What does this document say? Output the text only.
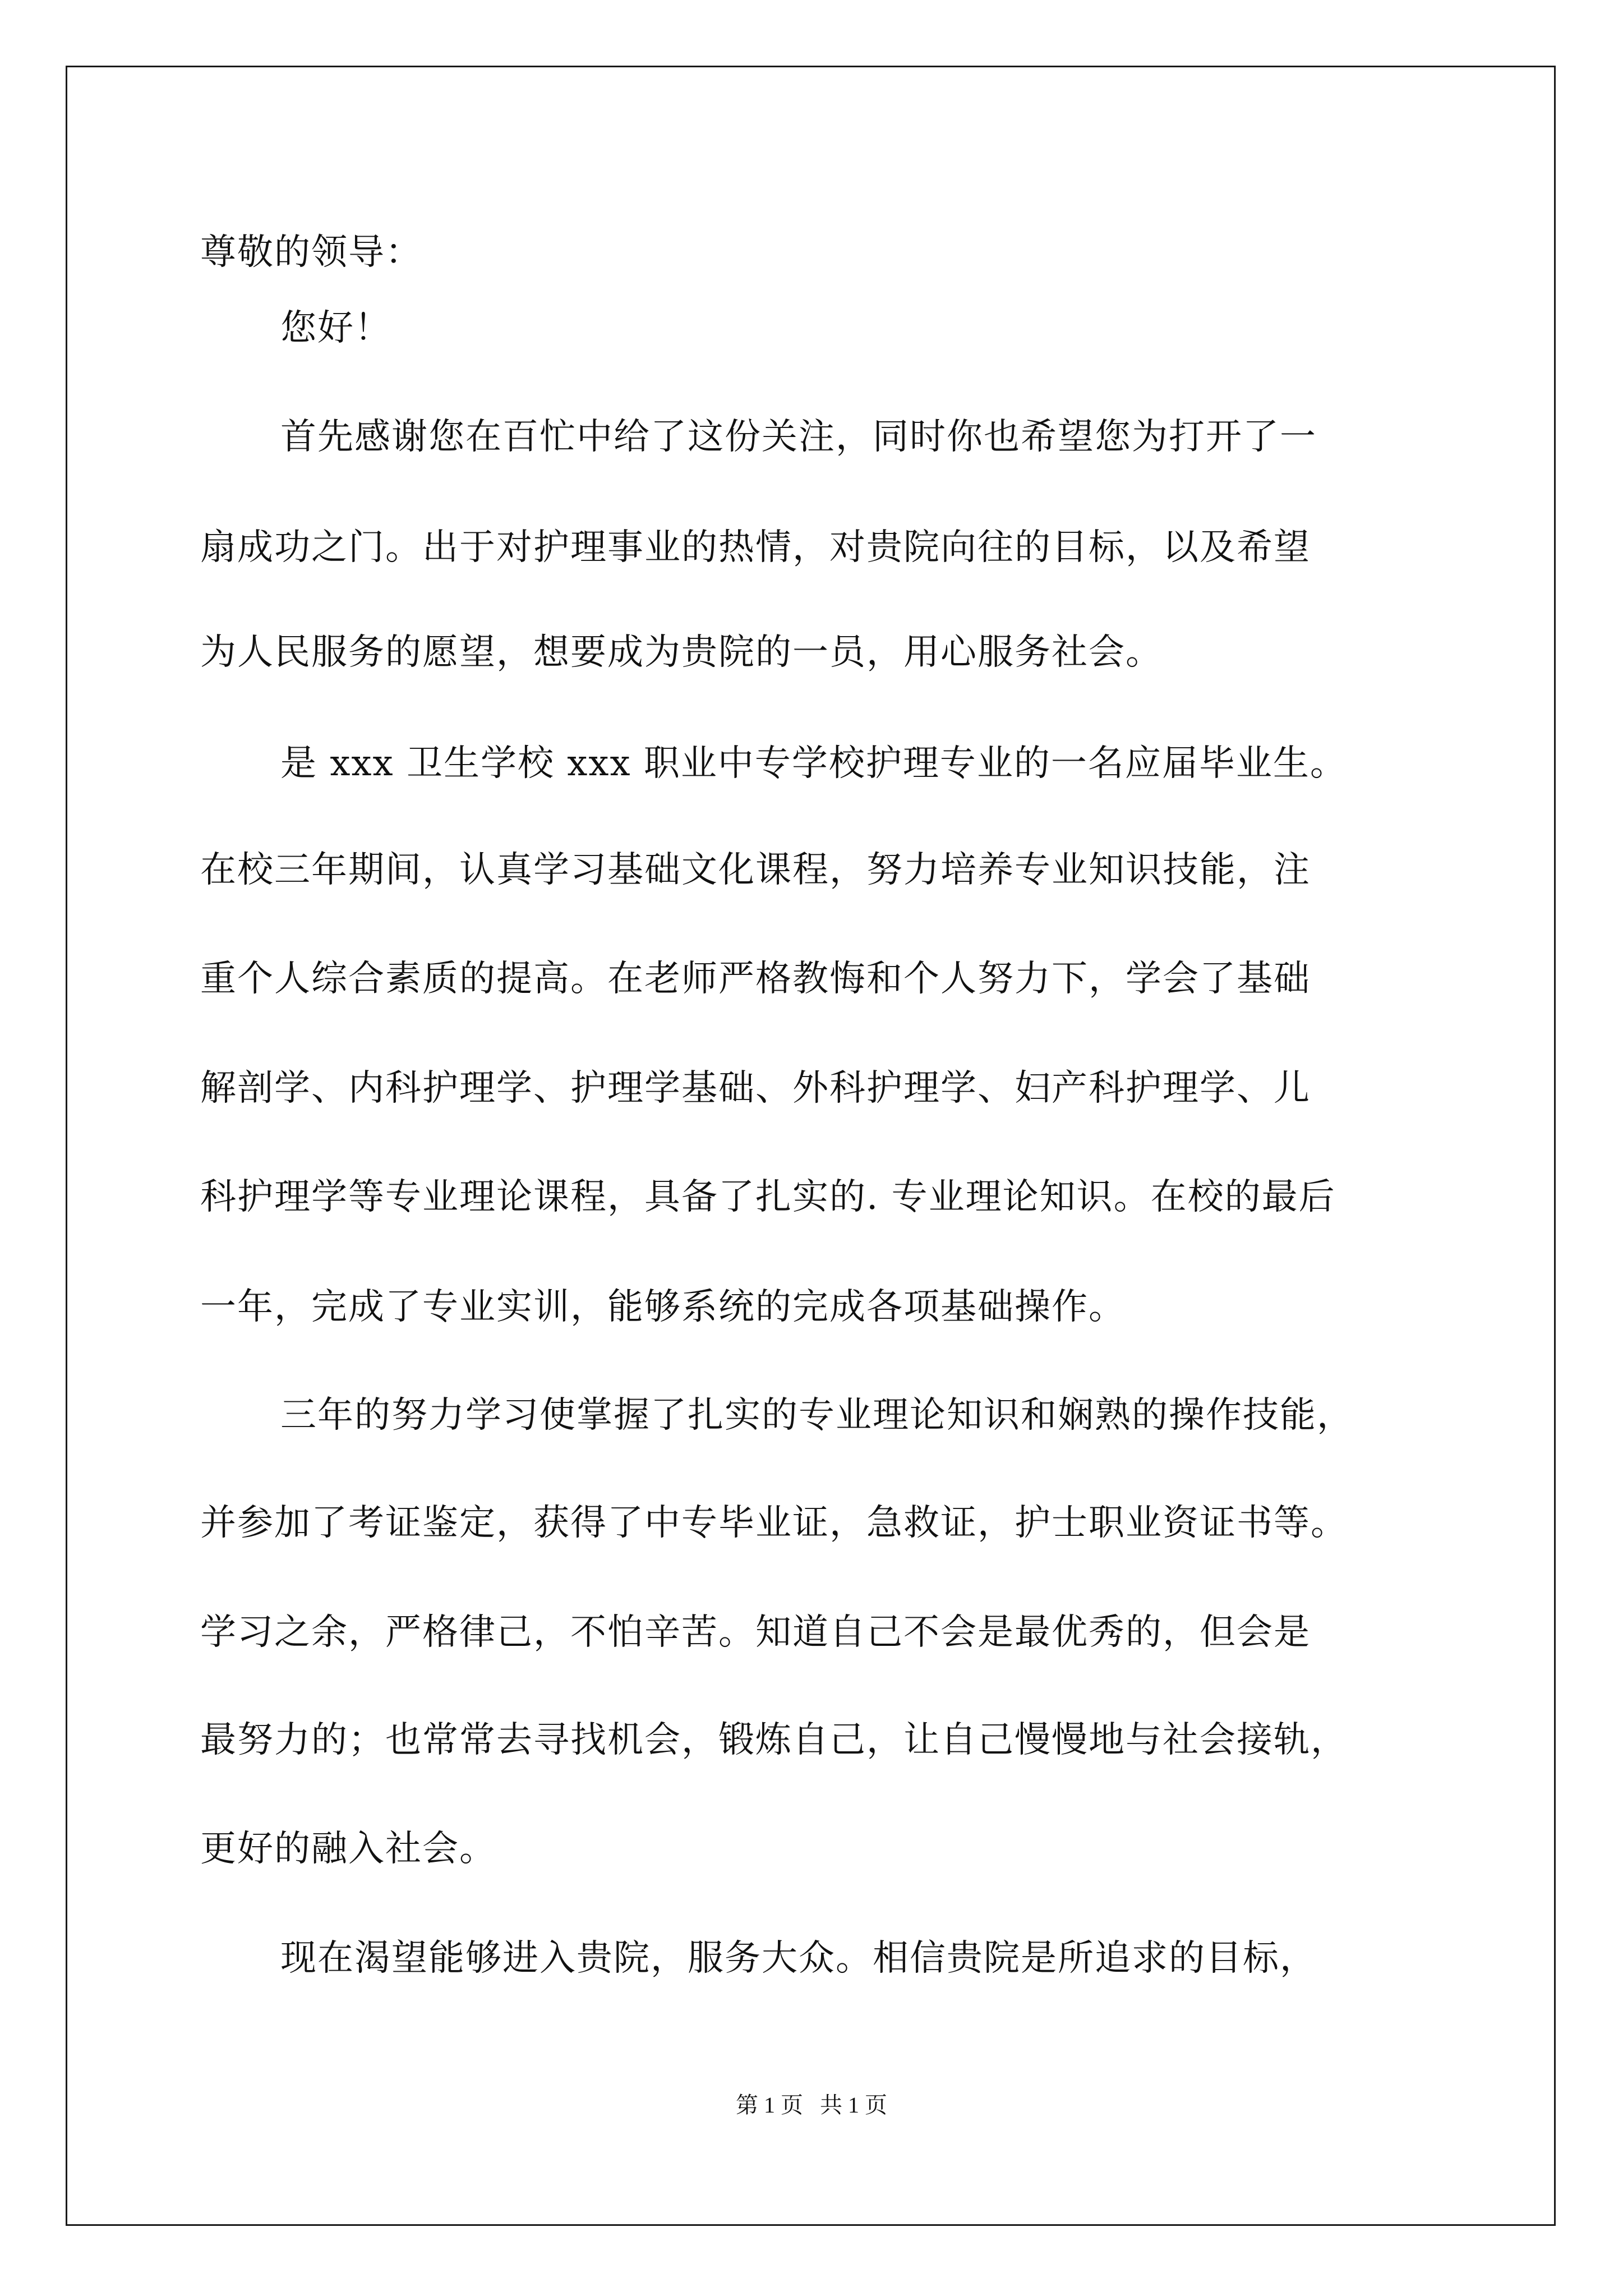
尊敬的领导：
您好！
首先感谢您在百忙中给了这份关注，同时你也希望您为打开了一
扇成功之门。出于对护理事业的热情，对贵院向往的目标，以及希望
为人民服务的愿望，想要成为贵院的一员，用心服务社会。
是 xxx 卫生学校 xxx 职业中专学校护理专业的一名应届毕业生。
在校三年期间，认真学习基础文化课程，努力培养专业知识技能，注
重个人综合素质的提高。在老师严格教悔和个人努力下，学会了基础
解剖学、内科护理学、护理学基础、外科护理学、妇产科护理学、儿
科护理学等专业理论课程，具备了扎实的. 专业理论知识。在校的最后
一年，完成了专业实训，能够系统的完成各项基础操作。
三年的努力学习使掌握了扎实的专业理论知识和娴熟的操作技能，
并参加了考证鉴定，获得了中专毕业证，急救证，护士职业资证书等。
学习之余，严格律己，不怕辛苦。知道自己不会是最优秀的，但会是
最努力的；也常常去寻找机会，锻炼自己，让自己慢慢地与社会接轨，
更好的融入社会。
现在渴望能够进入贵院，服务大众。相信贵院是所追求的目标，
第 1 页 共 1 页
